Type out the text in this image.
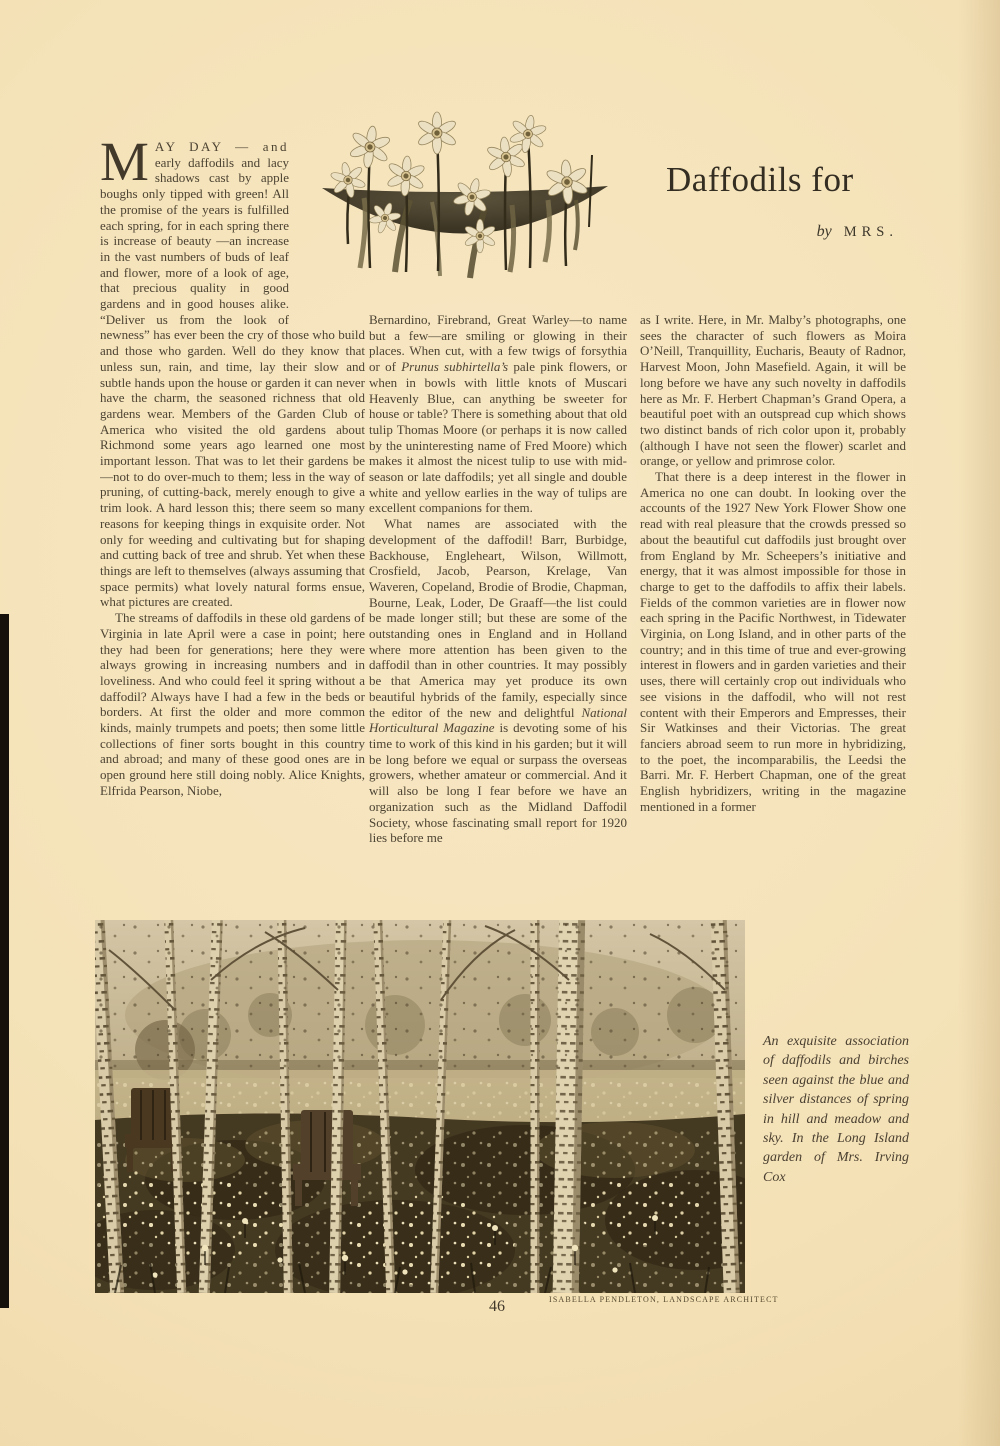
Daffodils for
by MRS.

MAY DAY — and early daffodils and lacy shadows cast by apple boughs only tipped with green! All the promise of the years is fulfilled each spring, for in each spring there is increase of beauty —an increase in the vast numbers of buds of leaf and flower, more of a look of age, that precious quality in good gardens and in good houses alike. “Deliver us from the look of newness” has ever been the cry of those who build and those who garden. Well do they know that unless sun, rain, and time, lay their slow and subtle hands upon the house or garden it can never have the charm, the seasoned richness that old gardens wear. Members of the Garden Club of America who visited the old gardens about Richmond some years ago learned one most important lesson. That was to let their gardens be—not to do over-much to them; less in the way of pruning, of cutting-back, merely enough to give a trim look. A hard lesson this; there seem so many reasons for keeping things in exquisite order. Not only for weeding and cultivating but for shaping and cutting back of tree and shrub. Yet when these things are left to themselves (always assuming that space permits) what lovely natural forms ensue, what pictures are created.

The streams of daffodils in these old gardens of Virginia in late April were a case in point; here they had been for generations; here they were always growing in increasing numbers and in loveliness. And who could feel it spring without a daffodil? Always have I had a few in the beds or borders. At first the older and more common kinds, mainly trumpets and poets; then some little collections of finer sorts bought in this country and abroad; and many of these good ones are in open ground here still doing nobly. Alice Knights, Elfrida Pearson, Niobe,

Bernardino, Firebrand, Great Warley—to name but a few—are smiling or glowing in their places. When cut, with a few twigs of forsythia or of Prunus subhirtella’s pale pink flowers, or when in bowls with little knots of Muscari Heavenly Blue, can anything be sweeter for house or table? There is something about that old tulip Thomas Moore (or perhaps it is now called by the uninteresting name of Fred Moore) which makes it almost the nicest tulip to use with mid-season or late daffodils; yet all single and double white and yellow earlies in the way of tulips are excellent companions for them.

What names are associated with the development of the daffodil! Barr, Burbidge, Backhouse, Engleheart, Wilson, Willmott, Crosfield, Jacob, Pearson, Krelage, Van Waveren, Copeland, Brodie of Brodie, Chapman, Bourne, Leak, Loder, De Graaff—the list could be made longer still; but these are some of the outstanding ones in England and in Holland where more attention has been given to the daffodil than in other countries. It may possibly be that America may yet produce its own beautiful hybrids of the family, especially since the editor of the new and delightful National Horticultural Magazine is devoting some of his time to work of this kind in his garden; but it will be long before we equal or surpass the overseas growers, whether amateur or commercial. And it will also be long I fear before we have an organization such as the Midland Daffodil Society, whose fascinating small report for 1920 lies before me

as I write. Here, in Mr. Malby’s photographs, one sees the character of such flowers as Moira O’Neill, Tranquillity, Eucharis, Beauty of Radnor, Harvest Moon, John Masefield. Again, it will be long before we have any such novelty in daffodils here as Mr. F. Herbert Chapman’s Grand Opera, a beautiful poet with an outspread cup which shows two distinct bands of rich color upon it, probably (although I have not seen the flower) scarlet and orange, or yellow and primrose color.

That there is a deep interest in the flower in America no one can doubt. In looking over the accounts of the 1927 New York Flower Show one read with real pleasure that the crowds pressed so about the beautiful cut daffodils just brought over from England by Mr. Scheepers’s initiative and energy, that it was almost impossible for those in charge to get to the daffodils to affix their labels. Fields of the common varieties are in flower now each spring in the Pacific Northwest, in Tidewater Virginia, on Long Island, and in other parts of the country; and in this time of true and ever-growing interest in flowers and in garden varieties and their uses, there will certainly crop out individuals who see visions in the daffodil, who will not rest content with their Emperors and Empresses, their Sir Watkinses and their Victorias. The great fanciers abroad seem to run more in hybridizing, to the poet, the incomparabilis, the Leedsi the Barri. Mr. F. Herbert Chapman, one of the great English hybridizers, writing in the magazine mentioned in a former

ISABELLA PENDLETON, LANDSCAPE ARCHITECT
An exquisite association of daffodils and birches seen against the blue and silver distances of spring in hill and meadow and sky. In the Long Island garden of Mrs. Irving Cox
46
